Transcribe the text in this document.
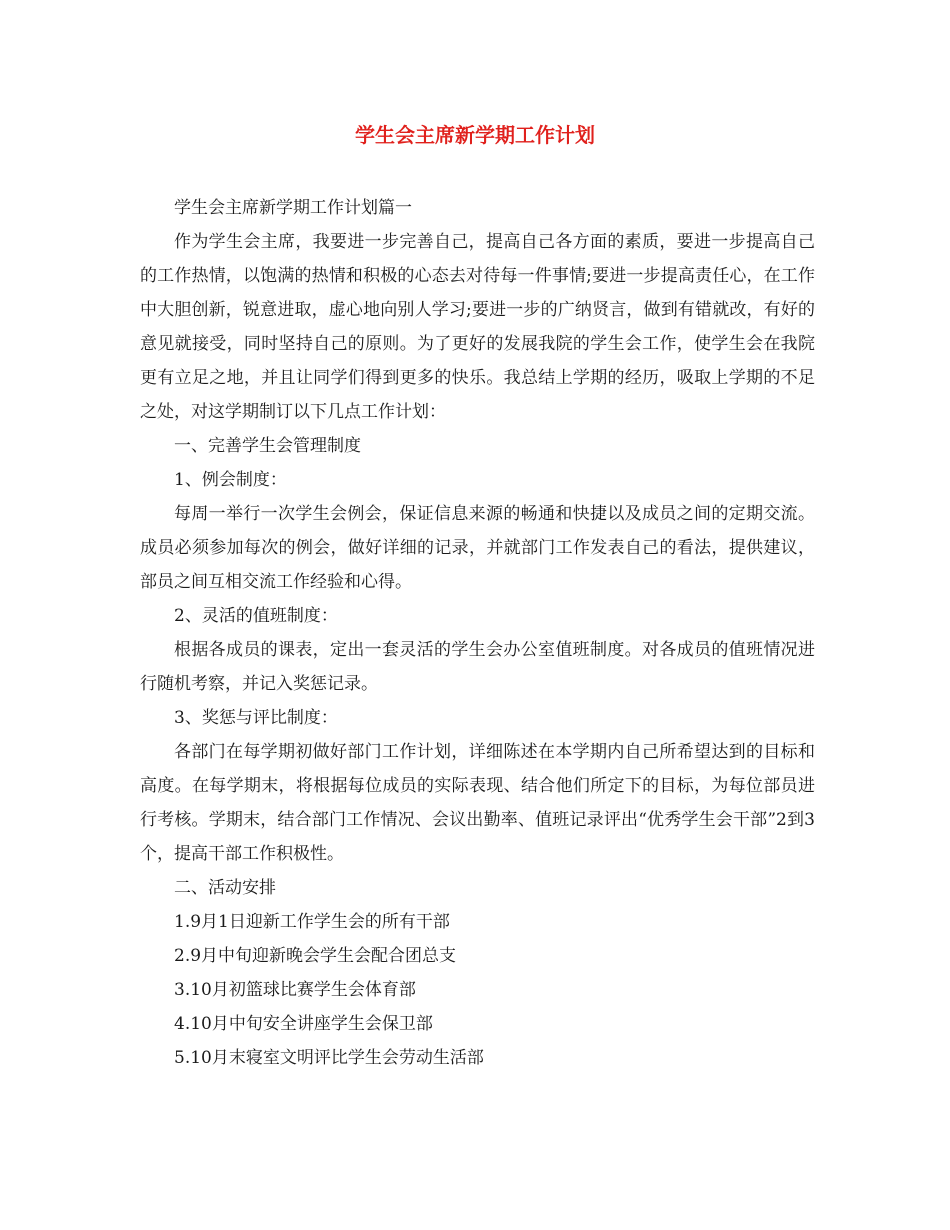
学生会主席新学期工作计划

学生会主席新学期工作计划篇一

作为学生会主席，我要进一步完善自己，提高自己各方面的素质，要进一步提高自己的工作热情，以饱满的热情和积极的心态去对待每一件事情;要进一步提高责任心，在工作中大胆创新，锐意进取，虚心地向别人学习;要进一步的广纳贤言，做到有错就改，有好的意见就接受，同时坚持自己的原则。为了更好的发展我院的学生会工作，使学生会在我院更有立足之地，并且让同学们得到更多的快乐。我总结上学期的经历，吸取上学期的不足之处，对这学期制订以下几点工作计划：

一、完善学生会管理制度

1、例会制度：

每周一举行一次学生会例会，保证信息来源的畅通和快捷以及成员之间的定期交流。成员必须参加每次的例会，做好详细的记录，并就部门工作发表自己的看法，提供建议，部员之间互相交流工作经验和心得。

2、灵活的值班制度：

根据各成员的课表，定出一套灵活的学生会办公室值班制度。对各成员的值班情况进行随机考察，并记入奖惩记录。

3、奖惩与评比制度：

各部门在每学期初做好部门工作计划，详细陈述在本学期内自己所希望达到的目标和高度。在每学期末，将根据每位成员的实际表现、结合他们所定下的目标，为每位部员进行考核。学期末，结合部门工作情况、会议出勤率、值班记录评出“优秀学生会干部”2到3个，提高干部工作积极性。

二、活动安排

1.9月1日迎新工作学生会的所有干部

2.9月中旬迎新晚会学生会配合团总支

3.10月初篮球比赛学生会体育部

4.10月中旬安全讲座学生会保卫部

5.10月末寝室文明评比学生会劳动生活部
